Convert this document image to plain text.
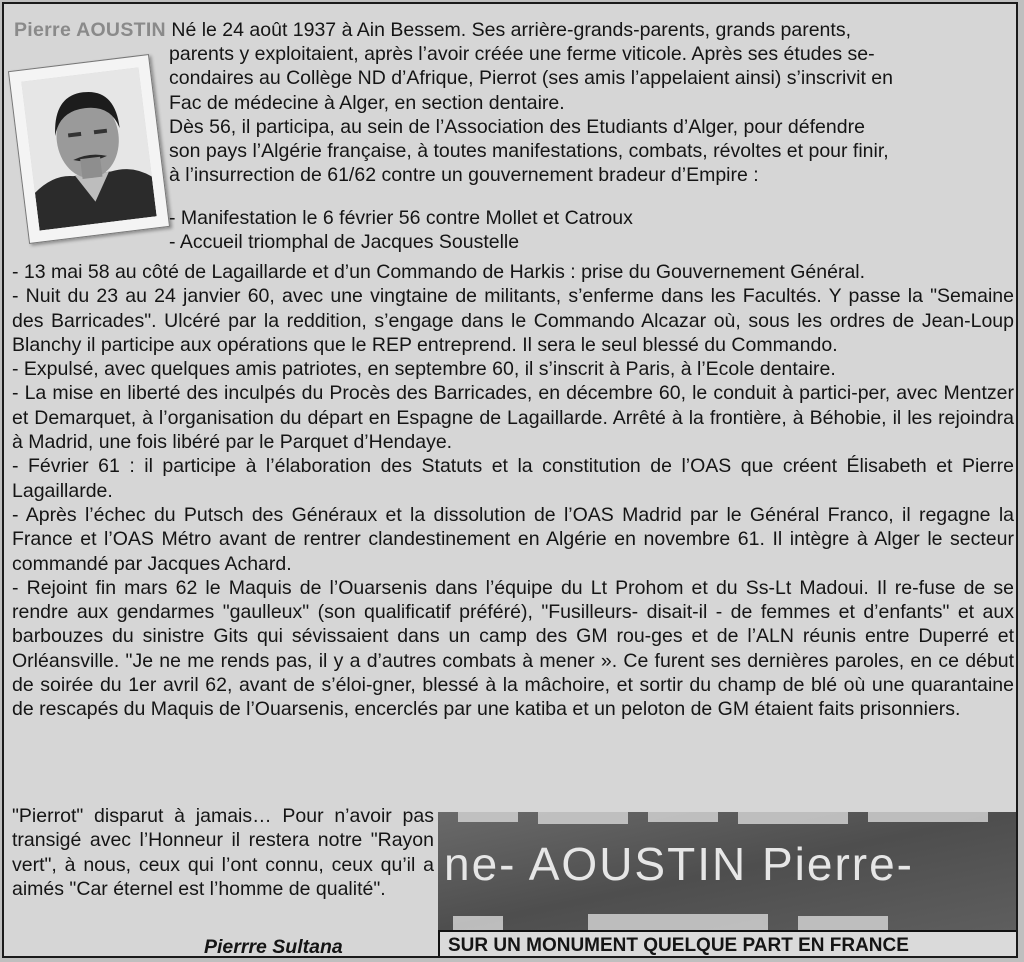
Pierre AOUSTIN Né le 24 août 1937 à Ain Bessem. Ses arrière-grands-parents, grands parents,

parents y exploitaient, après l’avoir créée une ferme viticole. Après ses études se-

condaires au Collège ND d’Afrique, Pierrot (ses amis l’appelaient ainsi) s’inscrivit en

Fac de médecine à Alger, en section dentaire.

Dès 56, il participa, au sein de l’Association des Etudiants d’Alger, pour défendre

son pays l’Algérie française, à toutes manifestations, combats, révoltes et pour finir,

à l’insurrection de 61/62 contre un gouvernement bradeur d’Empire :

- Manifestation le 6 février 56 contre Mollet et Catroux

- Accueil triomphal de Jacques Soustelle

- 13 mai 58 au côté de Lagaillarde et d’un Commando de Harkis : prise du Gouvernement Général.

- Nuit du 23 au 24 janvier 60, avec une vingtaine de militants, s’enferme dans les Facultés. Y passe la "Semaine des Barricades". Ulcéré par la reddition, s’engage dans le Commando Alcazar où, sous les ordres de Jean-Loup Blanchy il participe aux opérations que le REP entreprend. Il sera le seul blessé du Commando.

- Expulsé, avec quelques amis patriotes, en septembre 60, il s’inscrit à Paris, à l’Ecole dentaire.

- La mise en liberté des inculpés du Procès des Barricades, en décembre 60, le conduit à partici-per, avec Mentzer et Demarquet, à l’organisation du départ en Espagne de Lagaillarde. Arrêté à la frontière, à Béhobie, il les rejoindra à Madrid, une fois libéré par le Parquet d’Hendaye.

- Février 61 : il participe à l’élaboration des Statuts et la constitution de l’OAS que créent Élisabeth et Pierre Lagaillarde.

- Après l’échec du Putsch des Généraux et la dissolution de l’OAS Madrid par le Général Franco, il regagne la France et l’OAS Métro avant de rentrer clandestinement en Algérie en novembre 61. Il intègre à Alger le secteur commandé par Jacques Achard.

- Rejoint fin mars 62 le Maquis de l’Ouarsenis dans l’équipe du Lt Prohom et du Ss-Lt Madoui. Il re-fuse de se rendre aux gendarmes "gaulleux" (son qualificatif préféré), "Fusilleurs- disait-il - de femmes et d’enfants" et aux barbouzes du sinistre Gits qui sévissaient dans un camp des GM rou-ges et de l’ALN réunis entre Duperré et Orléansville. "Je ne me rends pas, il y a d’autres combats à mener ». Ce furent ses dernières paroles, en ce début de soirée du 1er avril 62, avant de s’éloi-gner, blessé à la mâchoire, et sortir du champ de blé où une quarantaine de rescapés du Maquis de l’Ouarsenis, encerclés par une katiba et un peloton de GM étaient faits prisonniers.

"Pierrot" disparut à jamais… Pour n’avoir pas transigé avec l’Honneur il restera notre "Rayon vert", à nous, ceux qui l’ont connu, ceux qu’il a aimés "Car éternel est l’homme de qualité".	ne- AOUSTIN Pierre-
SUR UN MONUMENT QUELQUE PART EN FRANCE
Pierrre Sultana
